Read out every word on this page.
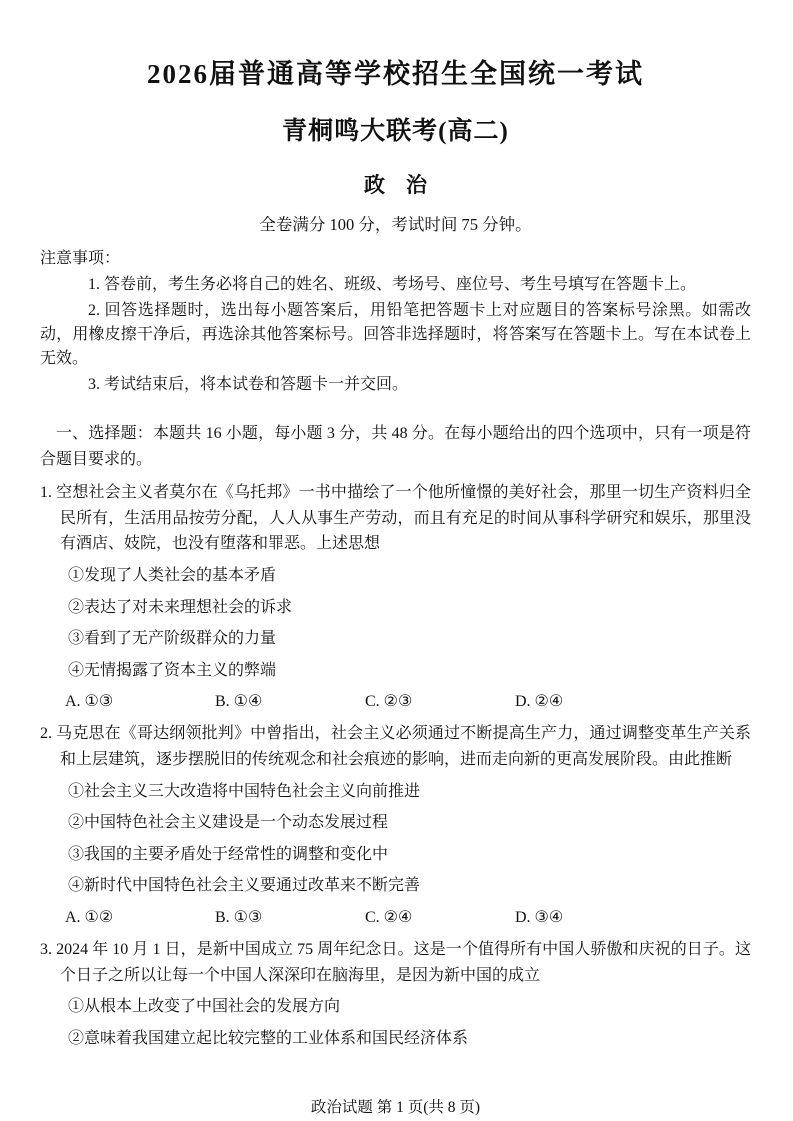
2026届普通高等学校招生全国统一考试
青桐鸣大联考(高二)
政　治

全卷满分 100 分，考试时间 75 分钟。

注意事项：

1. 答卷前，考生务必将自己的姓名、班级、考场号、座位号、考生号填写在答题卡上。

2. 回答选择题时，选出每小题答案后，用铅笔把答题卡上对应题目的答案标号涂黑。如需改动，用橡皮擦干净后，再选涂其他答案标号。回答非选择题时，将答案写在答题卡上。写在本试卷上无效。

3. 考试结束后，将本试卷和答题卡一并交回。

一、选择题：本题共 16 小题，每小题 3 分，共 48 分。在每小题给出的四个选项中，只有一项是符合题目要求的。

1. 空想社会主义者莫尔在《乌托邦》一书中描绘了一个他所憧憬的美好社会，那里一切生产资料归全民所有，生活用品按劳分配，人人从事生产劳动，而且有充足的时间从事科学研究和娱乐，那里没有酒店、妓院，也没有堕落和罪恶。上述思想

①发现了人类社会的基本矛盾

②表达了对未来理想社会的诉求

③看到了无产阶级群众的力量

④无情揭露了资本主义的弊端

A. ①③	B. ①④	C. ②③	D. ②④

2. 马克思在《哥达纲领批判》中曾指出，社会主义必须通过不断提高生产力，通过调整变革生产关系和上层建筑，逐步摆脱旧的传统观念和社会痕迹的影响，进而走向新的更高发展阶段。由此推断

①社会主义三大改造将中国特色社会主义向前推进

②中国特色社会主义建设是一个动态发展过程

③我国的主要矛盾处于经常性的调整和变化中

④新时代中国特色社会主义要通过改革来不断完善

A. ①②	B. ①③	C. ②④	D. ③④

3. 2024 年 10 月 1 日，是新中国成立 75 周年纪念日。这是一个值得所有中国人骄傲和庆祝的日子。这个日子之所以让每一个中国人深深印在脑海里，是因为新中国的成立

①从根本上改变了中国社会的发展方向

②意味着我国建立起比较完整的工业体系和国民经济体系

政治试题 第 1 页(共 8 页)
